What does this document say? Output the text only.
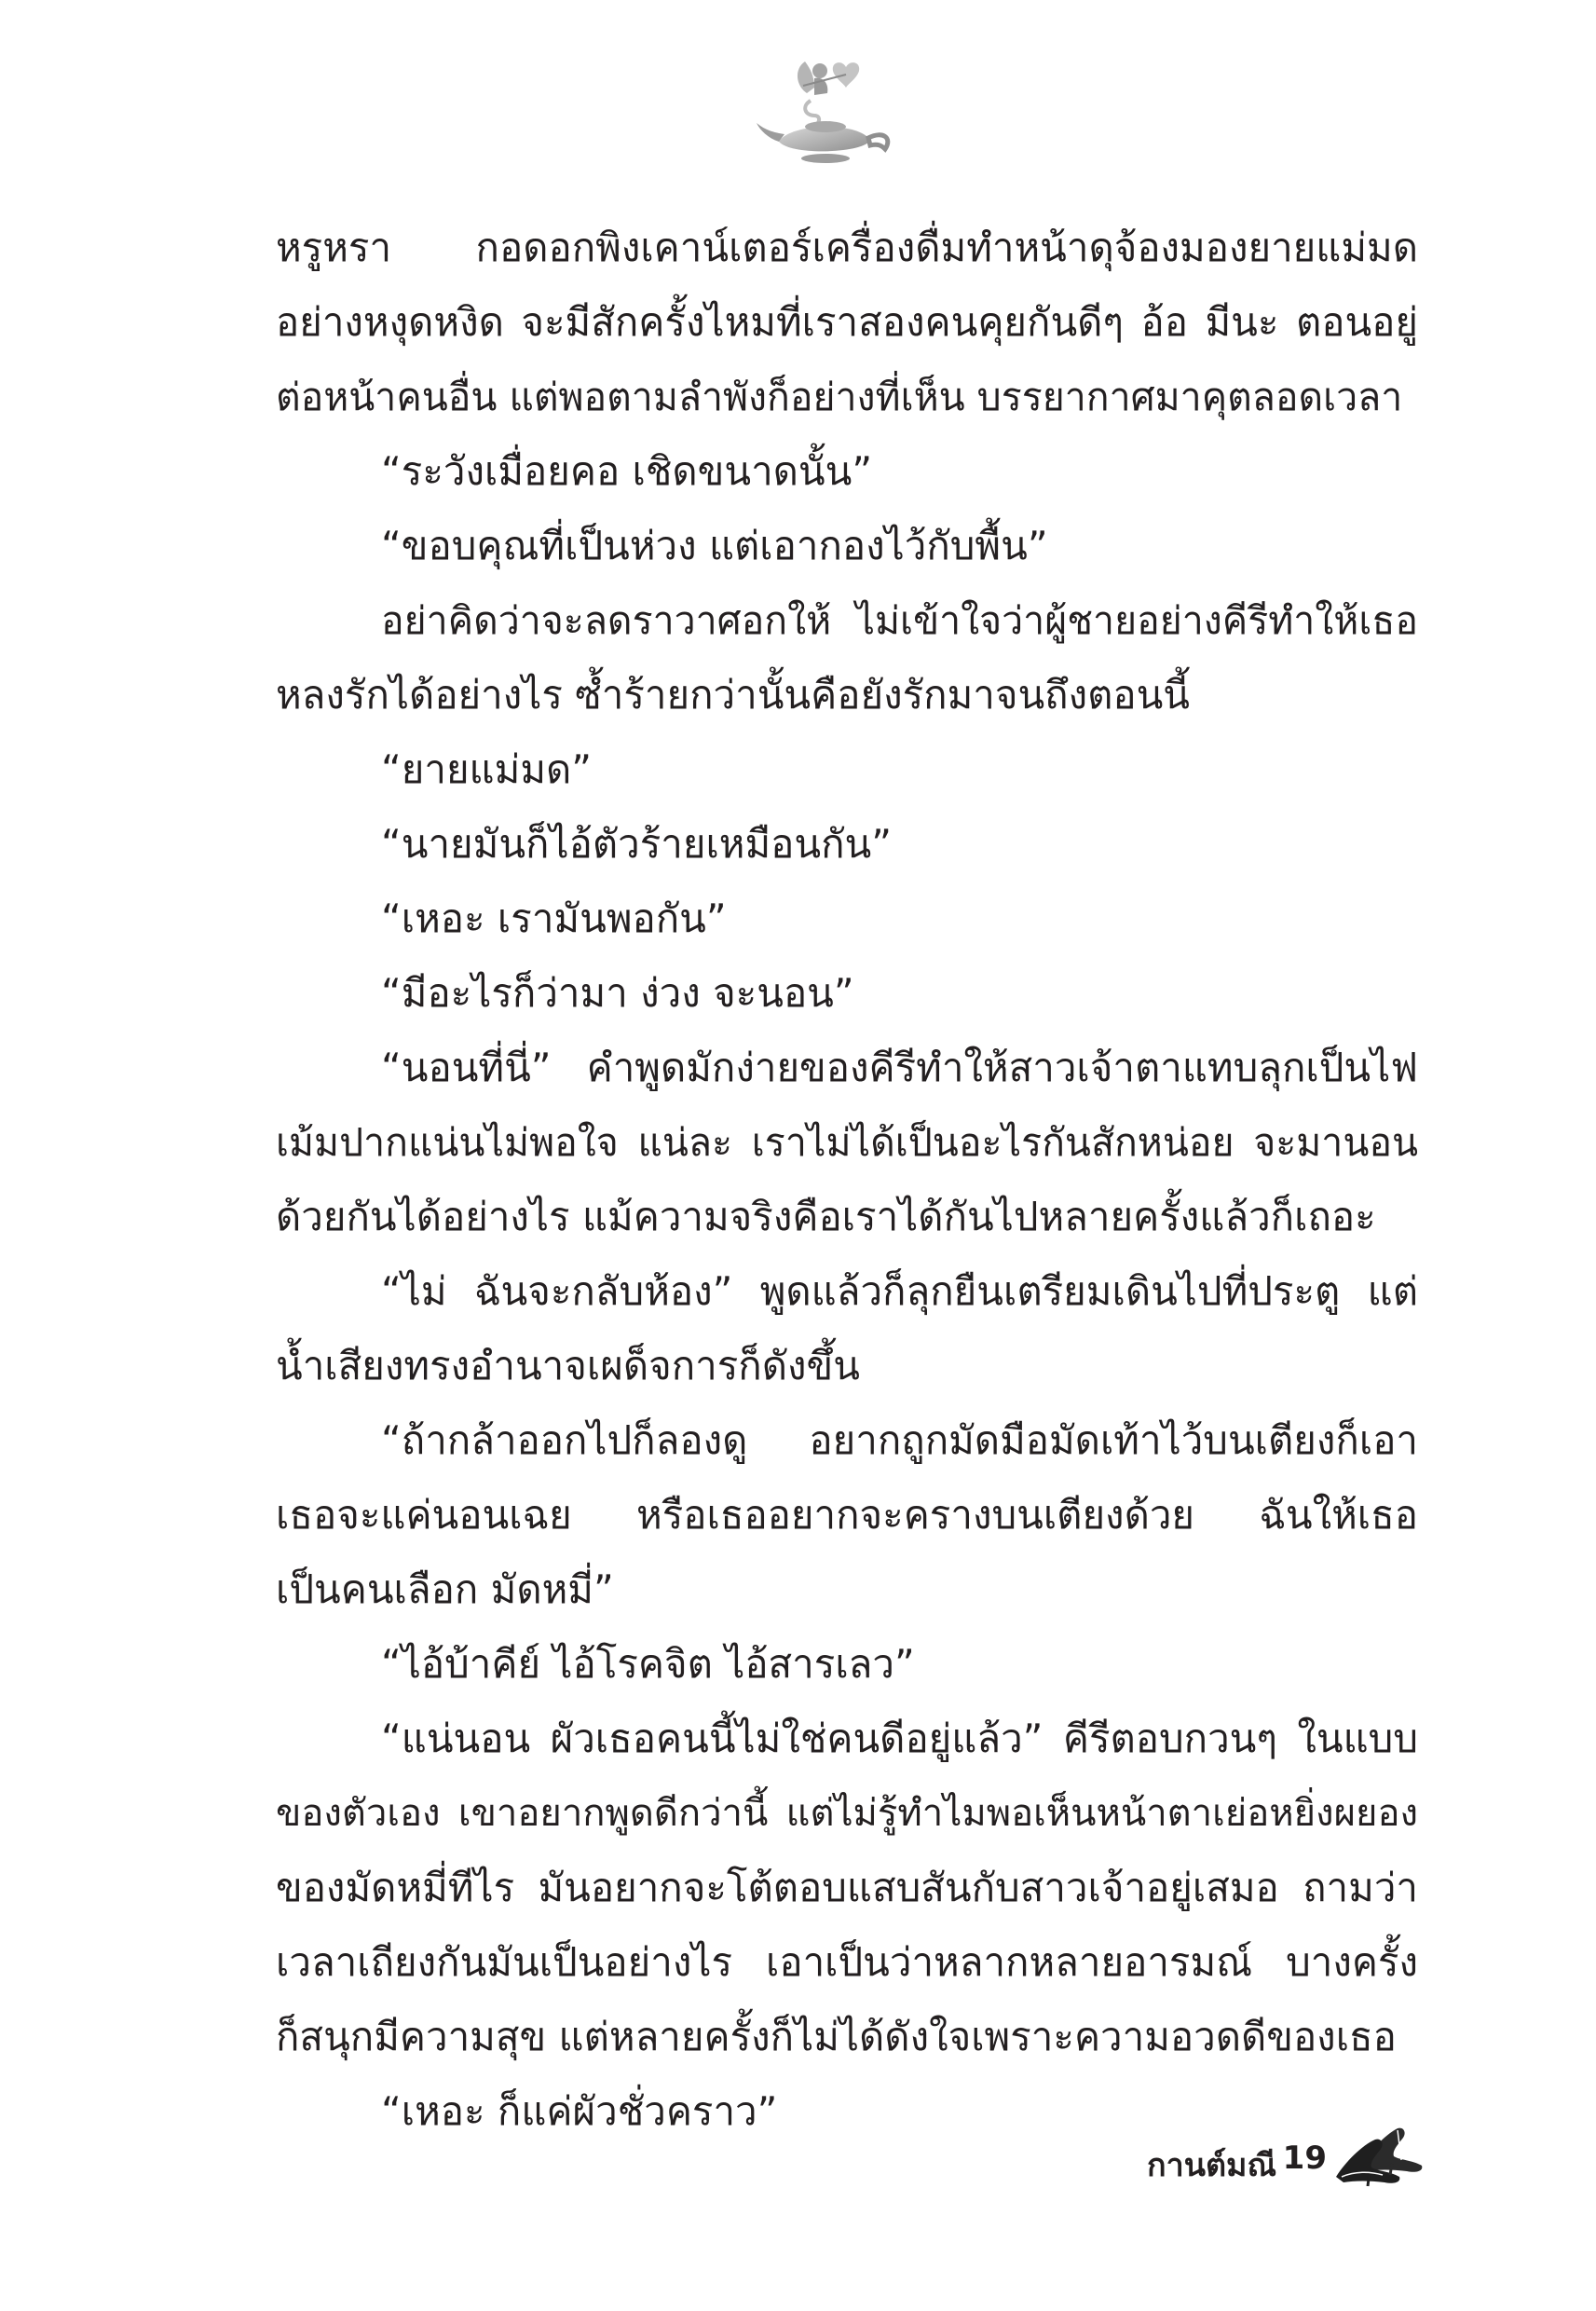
หรูหรา กอดอกพิงเคาน์เตอร์เครื่องดื่มทำหน้าดุจ้องมองยายแม่มด
อย่างหงุดหงิด จะมีสักครั้งไหมที่เราสองคนคุยกันดีๆ อ้อ มีนะ ตอนอยู่
ต่อหน้าคนอื่น แต่พอตามลำพังก็อย่างที่เห็น บรรยากาศมาคุตลอดเวลา
“ระวังเมื่อยคอ เชิดขนาดนั้น”
“ขอบคุณที่เป็นห่วง แต่เอากองไว้กับพื้น”
อย่าคิดว่าจะลดราวาศอกให้ ไม่เข้าใจว่าผู้ชายอย่างคีรีทำให้เธอ
หลงรักได้อย่างไร ซ้ำร้ายกว่านั้นคือยังรักมาจนถึงตอนนี้
“ยายแม่มด”
“นายมันก็ไอ้ตัวร้ายเหมือนกัน”
“เหอะ เรามันพอกัน”
“มีอะไรก็ว่ามา ง่วง จะนอน”
“นอนที่นี่” คำพูดมักง่ายของคีรีทำให้สาวเจ้าตาแทบลุกเป็นไฟ
เม้มปากแน่นไม่พอใจ แน่ละ เราไม่ได้เป็นอะไรกันสักหน่อย จะมานอน
ด้วยกันได้อย่างไร แม้ความจริงคือเราได้กันไปหลายครั้งแล้วก็เถอะ
“ไม่ ฉันจะกลับห้อง” พูดแล้วก็ลุกยืนเตรียมเดินไปที่ประตู แต่
น้ำเสียงทรงอำนาจเผด็จการก็ดังขึ้น
“ถ้ากล้าออกไปก็ลองดู อยากถูกมัดมือมัดเท้าไว้บนเตียงก็เอา
เธอจะแค่นอนเฉย หรือเธออยากจะครางบนเตียงด้วย ฉันให้เธอ
เป็นคนเลือก มัดหมี่”
“ไอ้บ้าคีย์ ไอ้โรคจิต ไอ้สารเลว”
“แน่นอน ผัวเธอคนนี้ไม่ใช่คนดีอยู่แล้ว” คีรีตอบกวนๆ ในแบบ
ของตัวเอง เขาอยากพูดดีกว่านี้ แต่ไม่รู้ทำไมพอเห็นหน้าตาเย่อหยิ่งผยอง
ของมัดหมี่ทีไร มันอยากจะโต้ตอบแสบสันกับสาวเจ้าอยู่เสมอ ถามว่า
เวลาเถียงกันมันเป็นอย่างไร เอาเป็นว่าหลากหลายอารมณ์ บางครั้ง
ก็สนุกมีความสุข แต่หลายครั้งก็ไม่ได้ดังใจเพราะความอวดดีของเธอ
“เหอะ ก็แค่ผัวชั่วคราว”
กานต์มณี 19
